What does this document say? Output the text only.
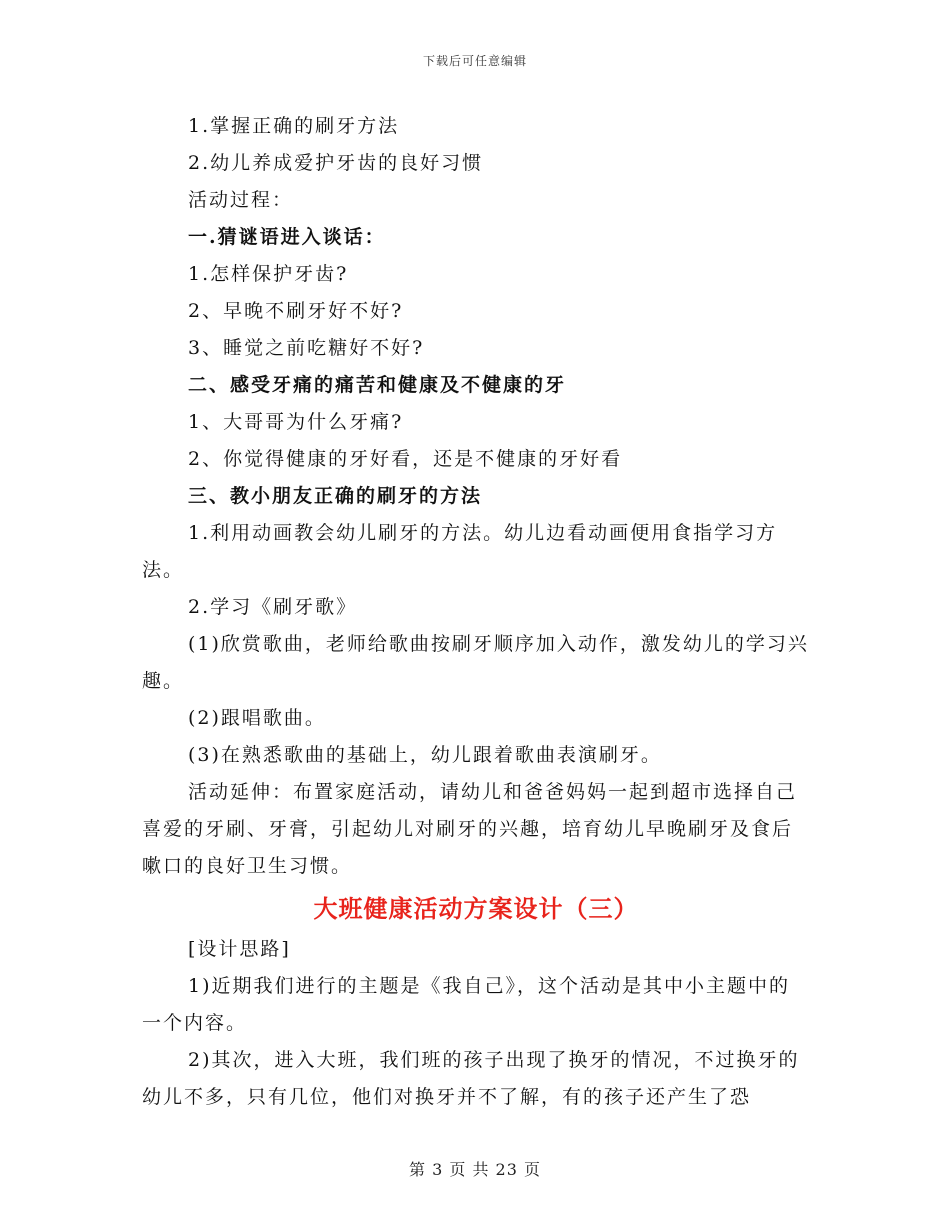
下载后可任意编辑

1.掌握正确的刷牙方法

2.幼儿养成爱护牙齿的良好习惯

活动过程：

一.猜谜语进入谈话：

1.怎样保护牙齿?

2、早晚不刷牙好不好?

3、睡觉之前吃糖好不好?

二、感受牙痛的痛苦和健康及不健康的牙

1、大哥哥为什么牙痛?

2、你觉得健康的牙好看，还是不健康的牙好看

三、教小朋友正确的刷牙的方法

1.利用动画教会幼儿刷牙的方法。幼儿边看动画便用食指学习方法。

2.学习《刷牙歌》

(1)欣赏歌曲，老师给歌曲按刷牙顺序加入动作，激发幼儿的学习兴趣。

(2)跟唱歌曲。

(3)在熟悉歌曲的基础上，幼儿跟着歌曲表演刷牙。

活动延伸：布置家庭活动，请幼儿和爸爸妈妈一起到超市选择自己喜爱的牙刷、牙膏，引起幼儿对刷牙的兴趣，培育幼儿早晚刷牙及食后嗽口的良好卫生习惯。

大班健康活动方案设计（三）

[设计思路]

1)近期我们进行的主题是《我自己》，这个活动是其中小主题中的一个内容。

2)其次，进入大班，我们班的孩子出现了换牙的情况，不过换牙的幼儿不多，只有几位，他们对换牙并不了解，有的孩子还产生了恐

第 3 页 共 23 页
